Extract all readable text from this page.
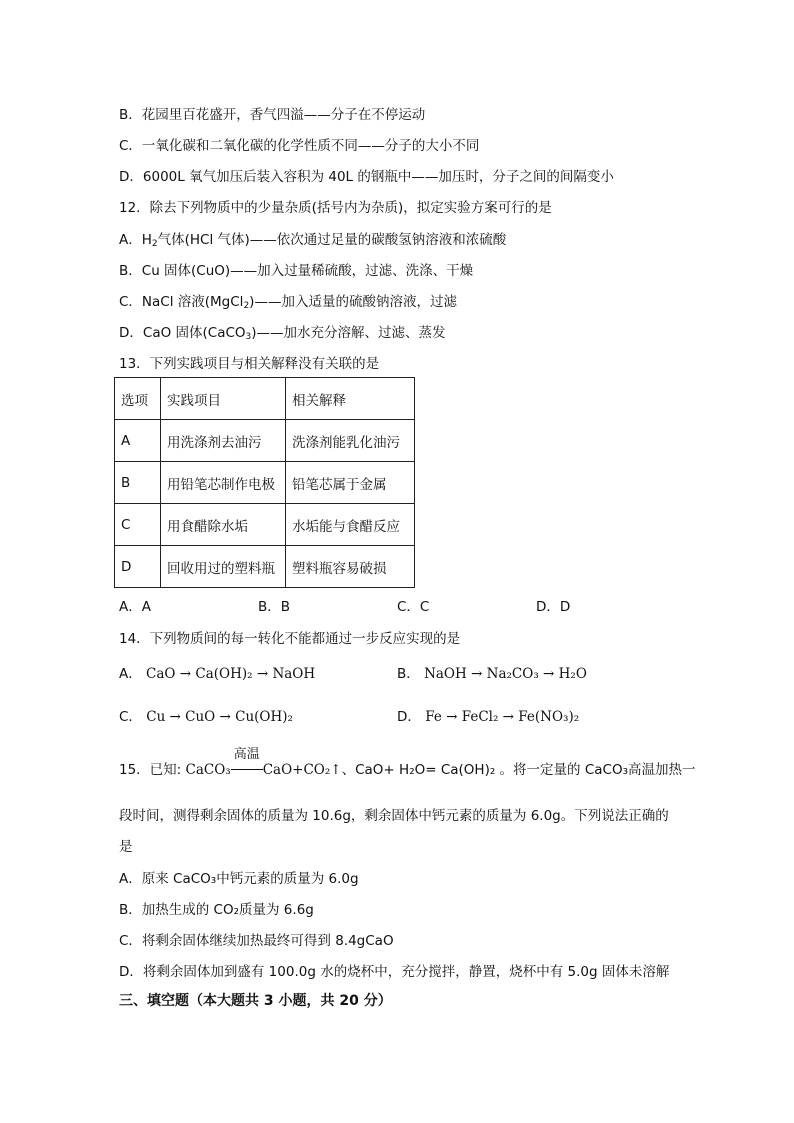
B．花园里百花盛开，香气四溢——分子在不停运动
C．一氧化碳和二氧化碳的化学性质不同——分子的大小不同
D．6000L 氧气加压后装入容积为 40L 的钢瓶中——加压时，分子之间的间隔变小
12．除去下列物质中的少量杂质(括号内为杂质)，拟定实验方案可行的是
A．$H_2$气体(HCl 气体)——依次通过足量的碳酸氢钠溶液和浓硫酸
B．Cu 固体(CuO)——加入过量稀硫酸，过滤、洗涤、干燥
C．NaCl 溶液(MgCl$_2$)——加入适量的硫酸钠溶液，过滤
D．CaO 固体(CaCO$_3$)——加水充分溶解、过滤、蒸发
13．下列实践项目与相关解释没有关联的是
选项	实践项目	相关解释
A	用洗涤剂去油污	洗涤剂能乳化油污
B	用铅笔芯制作电极	铅笔芯属于金属
C	用食醋除水垢	水垢能与食醋反应
D	回收用过的塑料瓶	塑料瓶容易破损
A．A	B．B	C．C	D．D
14．下列物质间的每一转化不能都通过一步反应实现的是
A． CaO → Ca(OH)₂ → NaOH	B． NaOH → Na₂CO₃ → H₂O
C． Cu → CuO → Cu(OH)₂	D． Fe → FeCl₂ → Fe(NO₃)₂
15．已知: CaCO₃
高温
CaO+CO₂↑、CaO+ H₂O= Ca(OH)₂ 。将一定量的 CaCO₃高温加热一
段时间，测得剩余固体的质量为 10.6g，剩余固体中钙元素的质量为 6.0g。下列说法正确的
是
A．原来 CaCO₃中钙元素的质量为 6.0g
B．加热生成的 CO₂质量为 6.6g
C．将剩余固体继续加热最终可得到 8.4gCaO
D．将剩余固体加到盛有 100.0g 水的烧杯中，充分搅拌，静置，烧杯中有 5.0g 固体未溶解
三、填空题（本大题共 3 小题，共 20 分）
